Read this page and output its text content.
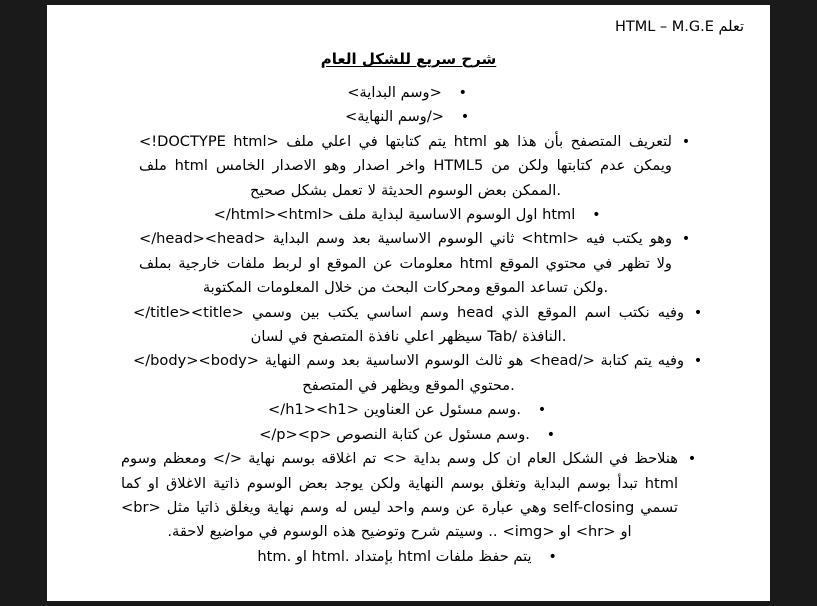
تعلم HTML – M.G.E
شرح سريع للشكل العام
•<وسم البداية>
•</وسم النهاية>
•
<!DOCTYPE html> يتم كتابتها في اعلي ملف html لتعريف المتصفح بأن هذا هو ملف html واخر اصدار وهو الاصدار الخامس HTML5 ويمكن عدم كتابتها ولكن من الممكن بعض الوسوم الحديثة لا تعمل بشكل صحيح.
•</html><html> اول الوسوم الاساسية لبداية ملف html
•
</head><head> ثاني الوسوم الاساسية بعد وسم البداية <html> وهو يكتب فيه معلومات عن الموقع او لربط ملفات خارجية بملف html ولا تظهر في محتوي الموقع ولكن تساعد الموقع ومحركات البحث من خلال المعلومات المكتوبة.
•
</title><title> وسم اساسي يكتب بين وسمي head وفيه نكتب اسم الموقع الذي سيظهر اعلي نافذة المتصفح في لسان Tab/ النافذة.
•
</body><body> هو ثالث الوسوم الاساسية بعد وسم النهاية <head/> وفيه يتم كتابة محتوي الموقع ويظهر في المتصفح.
•</h1><h1> وسم مسئول عن العناوين.
•</p><p> وسم مسئول عن كتابة النصوص.
•
هنلاحظ في الشكل العام ان كل وسم بداية <> تم اغلاقه بوسم نهاية </> ومعظم وسوم html تبدأ بوسم البداية وتغلق بوسم النهاية ولكن يوجد بعض الوسوم ذاتية الاغلاق او كما تسمي self-closing وهي عبارة عن وسم واحد ليس له وسم نهاية ويغلق ذاتيا مثل <br> او <hr> او <img> .. وسيتم شرح وتوضيح هذه الوسوم في مواضيع لاحقة.
•يتم حفظ ملفات html بإمتداد .html او .htm
